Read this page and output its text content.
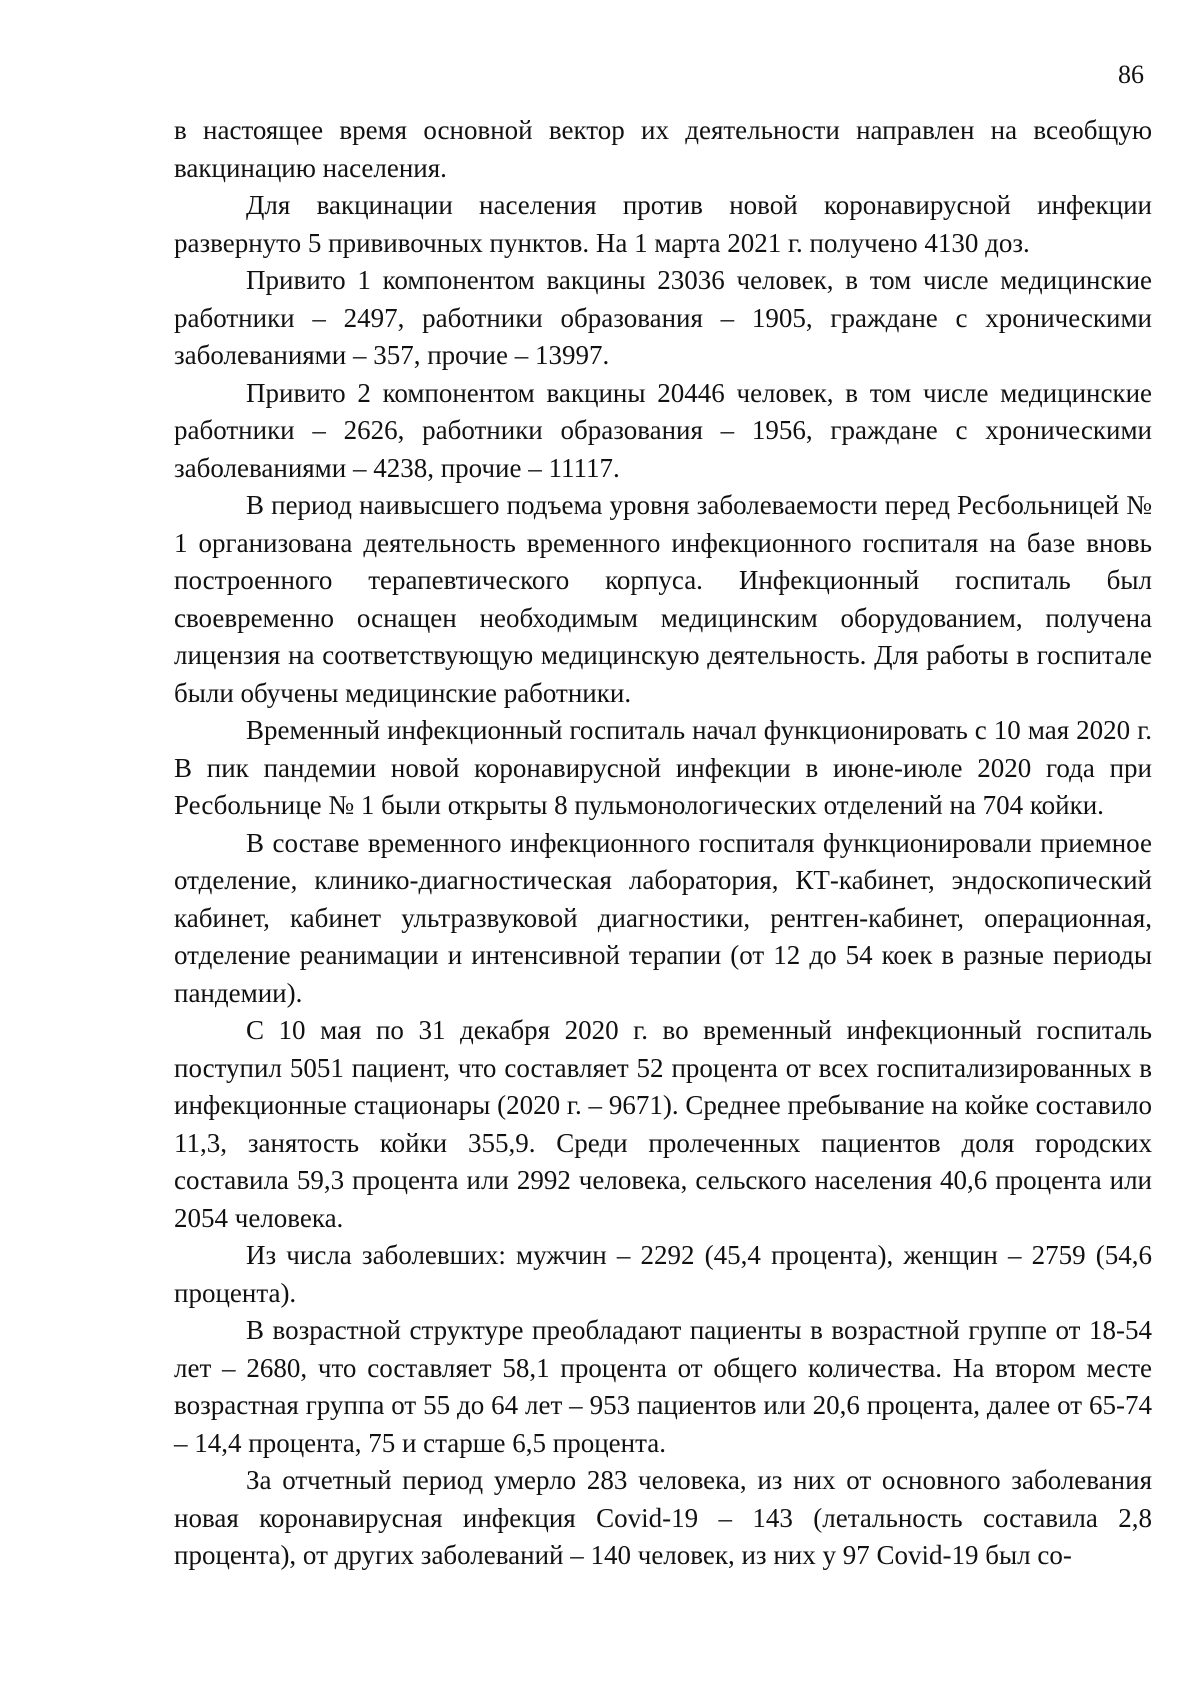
86

в настоящее время основной вектор их деятельности направлен на всеобщую вакцинацию населения.

Для вакцинации населения против новой коронавирусной инфекции развернуто 5 прививочных пунктов. На 1 марта 2021 г. получено 4130 доз.

Привито 1 компонентом вакцины 23036 человек, в том числе медицинские работники – 2497, работники образования – 1905, граждане с хроническими заболеваниями – 357, прочие – 13997.

Привито 2 компонентом вакцины 20446 человек, в том числе медицинские работники – 2626, работники образования – 1956, граждане с хроническими заболеваниями – 4238, прочие – 11117.

В период наивысшего подъема уровня заболеваемости перед Ресбольницей № 1 организована деятельность временного инфекционного госпиталя на базе вновь построенного терапевтического корпуса. Инфекционный госпиталь был своевременно оснащен необходимым медицинским оборудованием, получена лицензия на соответствующую медицинскую деятельность. Для работы в госпитале были обучены медицинские работники.

Временный инфекционный госпиталь начал функционировать с 10 мая 2020 г. В пик пандемии новой коронавирусной инфекции в июне-июле 2020 года при Ресбольнице № 1 были открыты 8 пульмонологических отделений на 704 койки.

В составе временного инфекционного госпиталя функционировали приемное отделение, клинико-диагностическая лаборатория, КТ-кабинет, эндоскопический кабинет, кабинет ультразвуковой диагностики, рентген-кабинет, операционная, отделение реанимации и интенсивной терапии (от 12 до 54 коек в разные периоды пандемии).

С 10 мая по 31 декабря 2020 г. во временный инфекционный госпиталь поступил 5051 пациент, что составляет 52 процента от всех госпитализированных в инфекционные стационары (2020 г. – 9671). Среднее пребывание на койке составило 11,3, занятость койки 355,9. Среди пролеченных пациентов доля городских составила 59,3 процента или 2992 человека, сельского населения 40,6 процента или 2054 человека.

Из числа заболевших: мужчин – 2292 (45,4 процента), женщин – 2759 (54,6 процента).

В возрастной структуре преобладают пациенты в возрастной группе от 18-54 лет – 2680, что составляет 58,1 процента от общего количества. На втором месте возрастная группа от 55 до 64 лет – 953 пациентов или 20,6 процента, далее от 65-74 – 14,4 процента, 75 и старше 6,5 процента.

За отчетный период умерло 283 человека, из них от основного заболевания новая коронавирусная инфекция Covid-19 – 143 (летальность составила 2,8 процента), от других заболеваний – 140 человек, из них у 97 Covid-19 был со-
